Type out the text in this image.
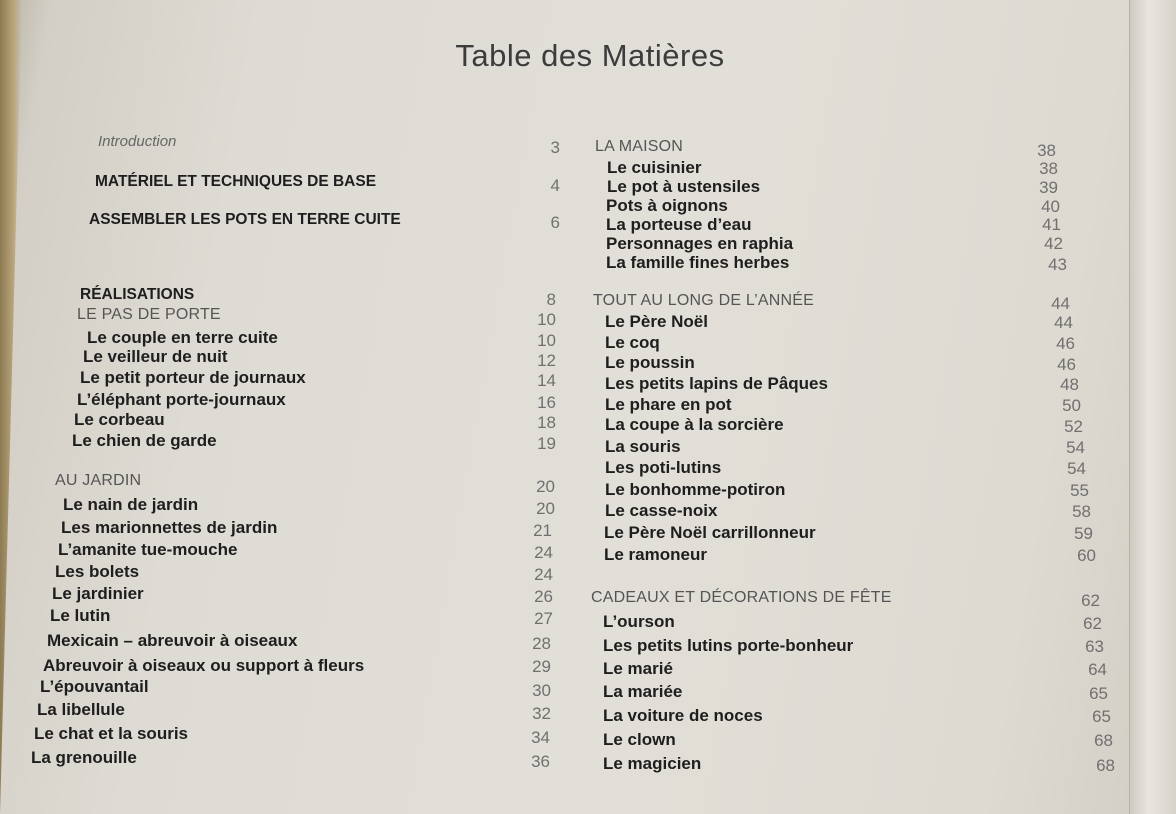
Table des Matières
Introduction	3
MATÉRIEL ET TECHNIQUES DE BASE	4
ASSEMBLER LES POTS EN TERRE CUITE	6
RÉALISATIONS	8
LE PAS DE PORTE	10
Le couple en terre cuite	10
Le veilleur de nuit	12
Le petit porteur de journaux	14
L’éléphant porte-journaux	16
Le corbeau	18
Le chien de garde	19
AU JARDIN	20
Le nain de jardin	20
Les marionnettes de jardin	21
L’amanite tue-mouche	24
Les bolets	24
Le jardinier	26
Le lutin	27
Mexicain – abreuvoir à oiseaux	28
Abreuvoir à oiseaux ou support à fleurs	29
L’épouvantail	30
La libellule	32
Le chat et la souris	34
La grenouille	36
LA MAISON	38
Le cuisinier	38
Le pot à ustensiles	39
Pots à oignons	40
La porteuse d’eau	41
Personnages en raphia	42
La famille fines herbes	43
TOUT AU LONG DE L’ANNÉE	44
Le Père Noël	44
Le coq	46
Le poussin	46
Les petits lapins de Pâques	48
Le phare en pot	50
La coupe à la sorcière	52
La souris	54
Les poti-lutins	54
Le bonhomme-potiron	55
Le casse-noix	58
Le Père Noël carrillonneur	59
Le ramoneur	60
CADEAUX ET DÉCORATIONS DE FÊTE	62
L’ourson	62
Les petits lutins porte-bonheur	63
Le marié	64
La mariée	65
La voiture de noces	65
Le clown	68
Le magicien	68
